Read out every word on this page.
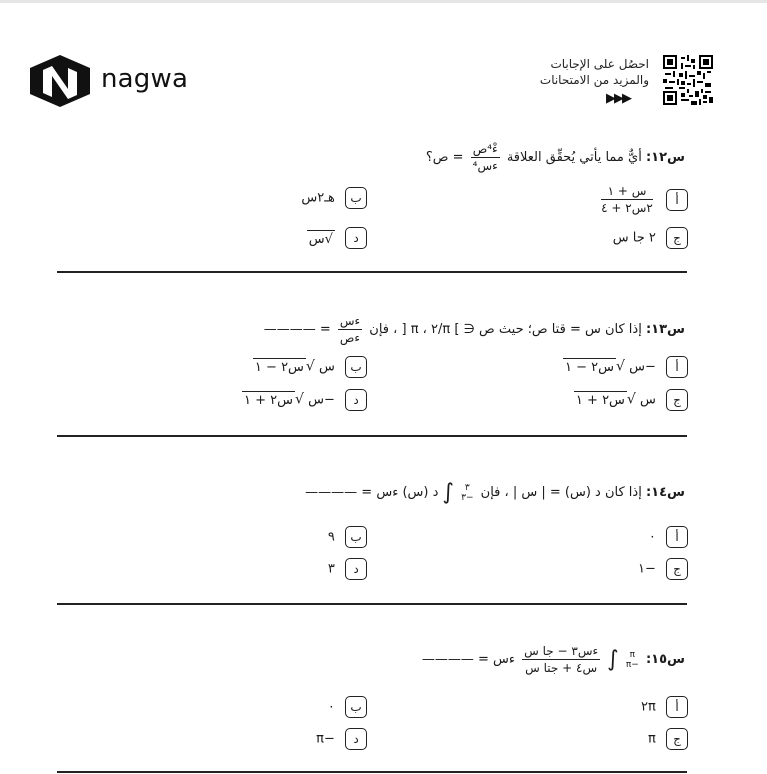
nagwa	احصُل على الإجابات
والمزيد من الامتحانات
▶▶▶
س١٢: أيٌّ مما يأتي يُحقِّق العلاقة
$\frac{\text{ءْ⁴ص}}{\text{ءس⁴}}$
= ص؟
أ
$\frac{\text{س + ١}}{\text{٢س٢ + ٤}}$
ب هـ٢س
ج ٢ جا س
د √س
س١٣: إذا كان س = قتا ص؛ حيث ص ∈ ] π/٢ ، π [ ، فإن
$\frac{\text{ءس}}{\text{ءص}}$
= ————
أ −س √س٢ − ١
ب س √س٢ − ١
ج س √س٢ + ١
د −س √س٢ + ١
س١٤: إذا كان د (س) = | س | ، فإن
٣
−٣
∫ د (س) ءس = ————
أ ٠
ب ٩
ج −١
د ٣
س١٥:
π
−π
∫
$\frac{\text{ءس٣ − جا س}}{\text{س٤ + جتا س}}$
ءس = ————
أ ٢π
ب ٠
ج π
د −π
